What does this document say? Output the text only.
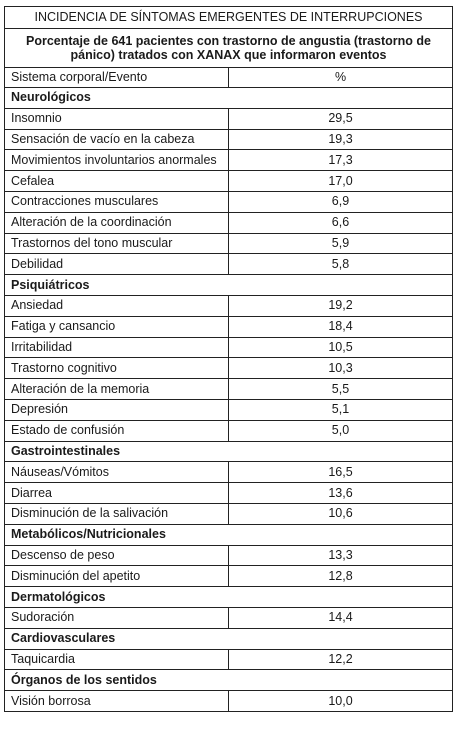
INCIDENCIA DE SÍNTOMAS EMERGENTES DE INTERRUPCIONES	
Porcentaje de 641 pacientes con trastorno de angustia (trastorno de pánico) tratados con XANAX que informaron eventos	
Sistema corporal/Evento	%
Neurológicos	
Insomnio	29,5
Sensación de vacío en la cabeza	19,3
Movimientos involuntarios anormales	17,3
Cefalea	17,0
Contracciones musculares	6,9
Alteración de la coordinación	6,6
Trastornos del tono muscular	5,9
Debilidad	5,8
Psiquiátricos	
Ansiedad	19,2
Fatiga y cansancio	18,4
Irritabilidad	10,5
Trastorno cognitivo	10,3
Alteración de la memoria	5,5
Depresión	5,1
Estado de confusión	5,0
Gastrointestinales	
Náuseas/Vómitos	16,5
Diarrea	13,6
Disminución de la salivación	10,6
Metabólicos/Nutricionales	
Descenso de peso	13,3
Disminución del apetito	12,8
Dermatológicos	
Sudoración	14,4
Cardiovasculares	
Taquicardia	12,2
Órganos de los sentidos	
Visión borrosa	10,0
